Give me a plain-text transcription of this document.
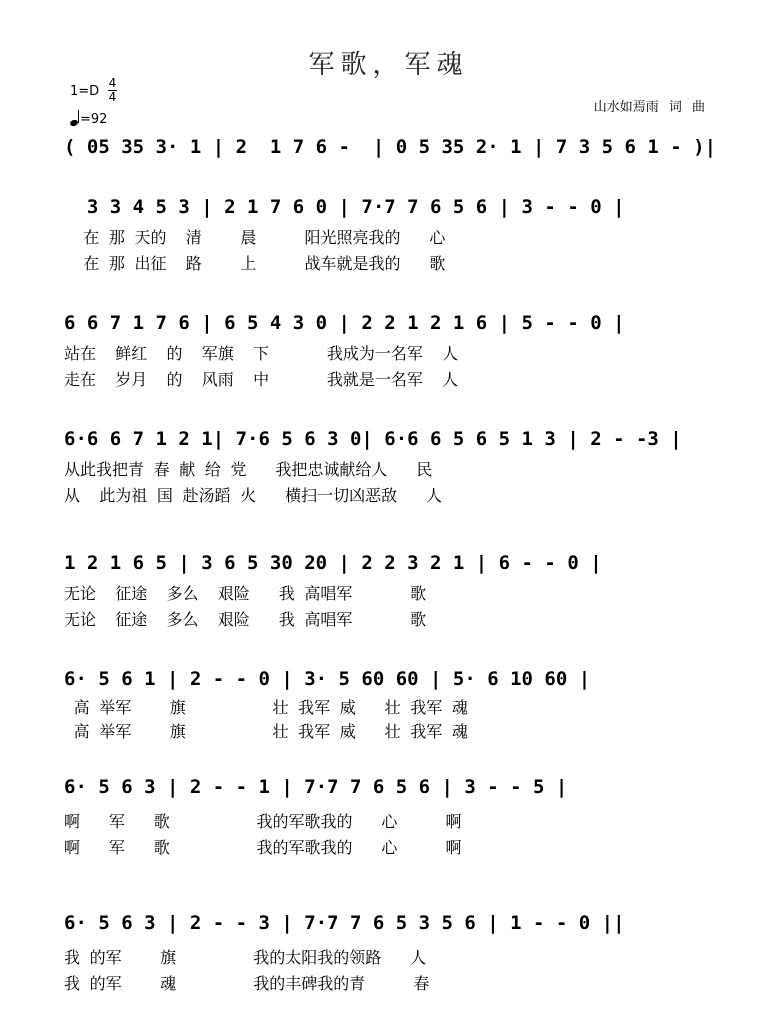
军歌，军魂
1=D
4
4
=92
山水如焉雨 词 曲
( 05 35 3· 1 | 2  1 7 6 -  | 0 5 35 2· 1 | 7 3 5 6 1 - )|
3 3 4 5 3 | 2 1 7 6 0 | 7·7 7 6 5 6 | 3 - - 0 |
在 那 天的  清    晨     阳光照亮我的   心
在 那 出征  路    上     战车就是我的   歌
6 6 7 1 7 6 | 6 5 4 3 0 | 2 2 1 2 1 6 | 5 - - 0 |
站在  鲜红  的  军旗  下      我成为一名军  人
走在  岁月  的  风雨  中      我就是一名军  人
6·6 6 7 1 2 1| 7·6 5 6 3 0| 6·6 6 5 6 5 1 3 | 2 - -3 |
从此我把青 春 献 给 党   我把忠诚献给人   民
从  此为祖 国 赴汤蹈 火   横扫一切凶恶敌   人
1 2 1 6 5 | 3 6 5 30 20 | 2 2 3 2 1 | 6 - - 0 |
无论  征途  多么  艰险   我 高唱军      歌
无论  征途  多么  艰险   我 高唱军      歌
6· 5 6 1 | 2 - - 0 | 3· 5 60 60 | 5· 6 10 60 |
高 举军    旗         壮 我军 威   壮 我军 魂
高 举军    旗         壮 我军 威   壮 我军 魂
6· 5 6 3 | 2 - - 1 | 7·7 7 6 5 6 | 3 - - 5 |
啊   军   歌         我的军歌我的   心     啊
啊   军   歌         我的军歌我的   心     啊
6· 5 6 3 | 2 - - 3 | 7·7 7 6 5 3 5 6 | 1 - - 0 ||
我 的军    旗        我的太阳我的领路   人
我 的军    魂        我的丰碑我的青     春
